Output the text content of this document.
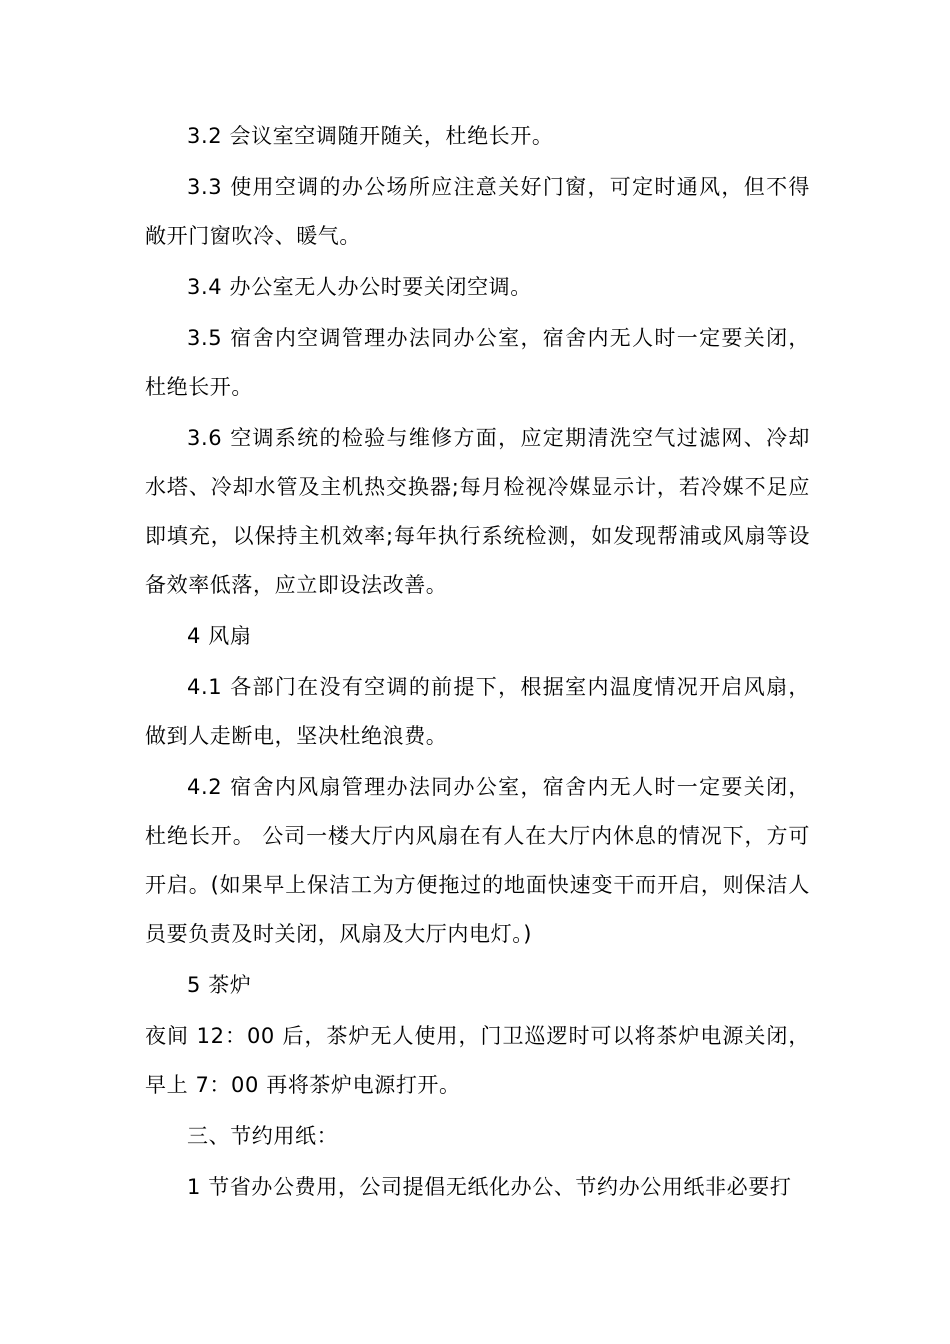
3.2 会议室空调随开随关，杜绝长开。

3.3 使用空调的办公场所应注意关好门窗，可定时通风，但不得敞开门窗吹冷、暖气。

3.4 办公室无人办公时要关闭空调。

3.5 宿舍内空调管理办法同办公室，宿舍内无人时一定要关闭，杜绝长开。

3.6 空调系统的检验与维修方面，应定期清洗空气过滤网、冷却水塔、冷却水管及主机热交换器;每月检视冷媒显示计，若冷媒不足应即填充，以保持主机效率;每年执行系统检测，如发现帮浦或风扇等设备效率低落，应立即设法改善。

4 风扇

4.1 各部门在没有空调的前提下，根据室内温度情况开启风扇，做到人走断电，坚决杜绝浪费。

4.2 宿舍内风扇管理办法同办公室，宿舍内无人时一定要关闭，杜绝长开。 公司一楼大厅内风扇在有人在大厅内休息的情况下，方可开启。(如果早上保洁工为方便拖过的地面快速变干而开启，则保洁人员要负责及时关闭，风扇及大厅内电灯。)

5 茶炉

夜间 12：00 后，茶炉无人使用，门卫巡逻时可以将茶炉电源关闭，早上 7：00 再将茶炉电源打开。

三、节约用纸：

1 节省办公费用，公司提倡无纸化办公、节约办公用纸非必要打
